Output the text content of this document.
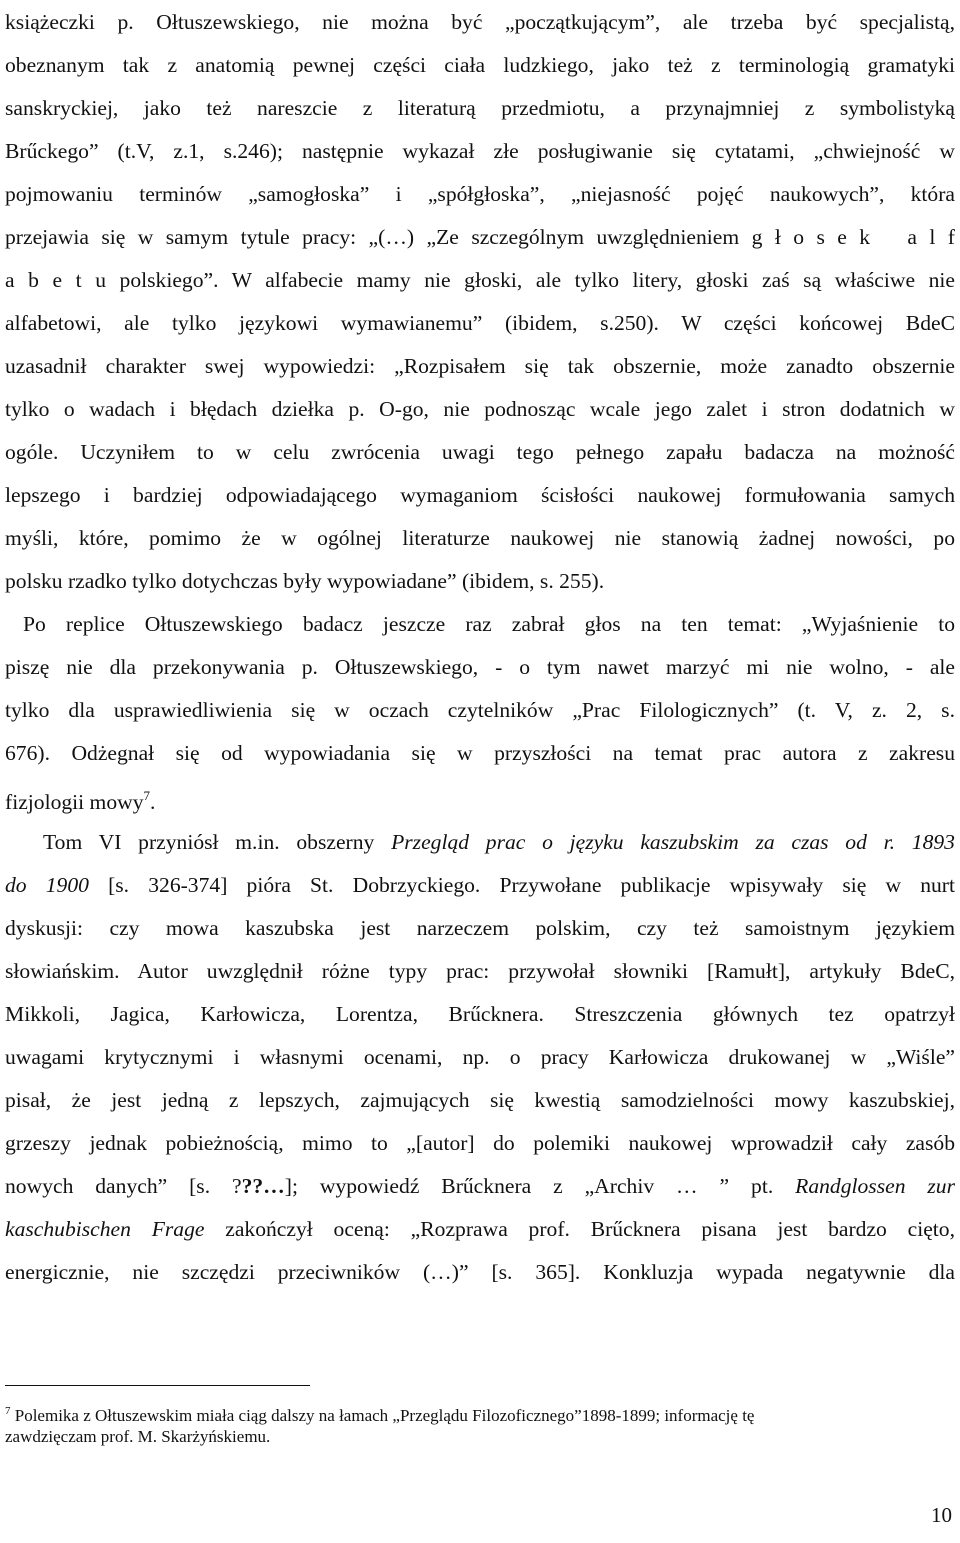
książeczki p. Ołtuszewskiego, nie można być „początkującym”, ale trzeba być specjalistą,
obeznanym tak z anatomią pewnej części ciała ludzkiego, jako też z terminologią gramatyki
sanskryckiej, jako też nareszcie z literaturą przedmiotu, a przynajmniej z symbolistyką
Brűckego” (t.V, z.1, s.246); następnie wykazał złe posługiwanie się cytatami, „chwiejność w
pojmowaniu terminów „samogłoska” i „spółgłoska”, „niejasność pojęć naukowych”, która
przejawia się w samym tytule pracy: „(…) „Ze szczególnym uwzględnieniem g ł o s e k   a l f
a b e t u polskiego”. W alfabecie mamy nie głoski, ale tylko litery, głoski zaś są właściwe nie
alfabetowi, ale tylko językowi wymawianemu” (ibidem, s.250). W części końcowej BdeC
uzasadnił charakter swej wypowiedzi: „Rozpisałem się tak obszernie, może zanadto obszernie
tylko o wadach i błędach dziełka p. O-go, nie podnosząc wcale jego zalet i stron dodatnich w
ogóle. Uczyniłem to w celu zwrócenia uwagi tego pełnego zapału badacza na możność
lepszego i bardziej odpowiadającego wymaganiom ścisłości naukowej formułowania samych
myśli, które, pomimo że w ogólnej literaturze naukowej nie stanowią żadnej nowości, po
polsku rzadko tylko dotychczas były wypowiadane” (ibidem, s. 255).
Po replice Ołtuszewskiego badacz jeszcze raz zabrał głos na ten temat: „Wyjaśnienie to
piszę nie dla przekonywania p. Ołtuszewskiego, - o tym nawet marzyć mi nie wolno, - ale
tylko dla usprawiedliwienia się w oczach czytelników „Prac Filologicznych” (t. V, z. 2, s.
676). Odżegnał się od wypowiadania się w przyszłości na temat prac autora z zakresu
fizjologii mowy$^7$.
Tom VI przyniósł m.in. obszerny Przegląd prac o języku kaszubskim za czas od r. 1893
do 1900 [s. 326-374] pióra St. Dobrzyckiego. Przywołane publikacje wpisywały się w nurt
dyskusji: czy mowa kaszubska jest narzeczem polskim, czy też samoistnym językiem
słowiańskim. Autor uwzględnił różne typy prac: przywołał słowniki [Ramułt], artykuły BdeC,
Mikkoli, Jagica, Karłowicza, Lorentza, Brűcknera. Streszczenia głównych tez opatrzył
uwagami krytycznymi i własnymi ocenami, np. o pracy Karłowicza drukowanej w „Wiśle”
pisał, że jest jedną z lepszych, zajmujących się kwestią samodzielności mowy kaszubskiej,
grzeszy jednak pobieżnością, mimo to „[autor] do polemiki naukowej wprowadził cały zasób
nowych danych” [s. ???…]; wypowiedź Brűcknera z „Archiv … ” pt. Randglossen zur
kaschubischen Frage zakończył oceną: „Rozprawa prof. Brűcknera pisana jest bardzo cięto,
energicznie, nie szczędzi przeciwników (…)” [s. 365]. Konkluzja wypada negatywnie dla
$^7$ Polemika z Ołtuszewskim miała ciąg dalszy na łamach „Przeglądu Filozoficznego”1898-1899; informację tę
zawdzięczam prof. M. Skarżyńskiemu.
10
